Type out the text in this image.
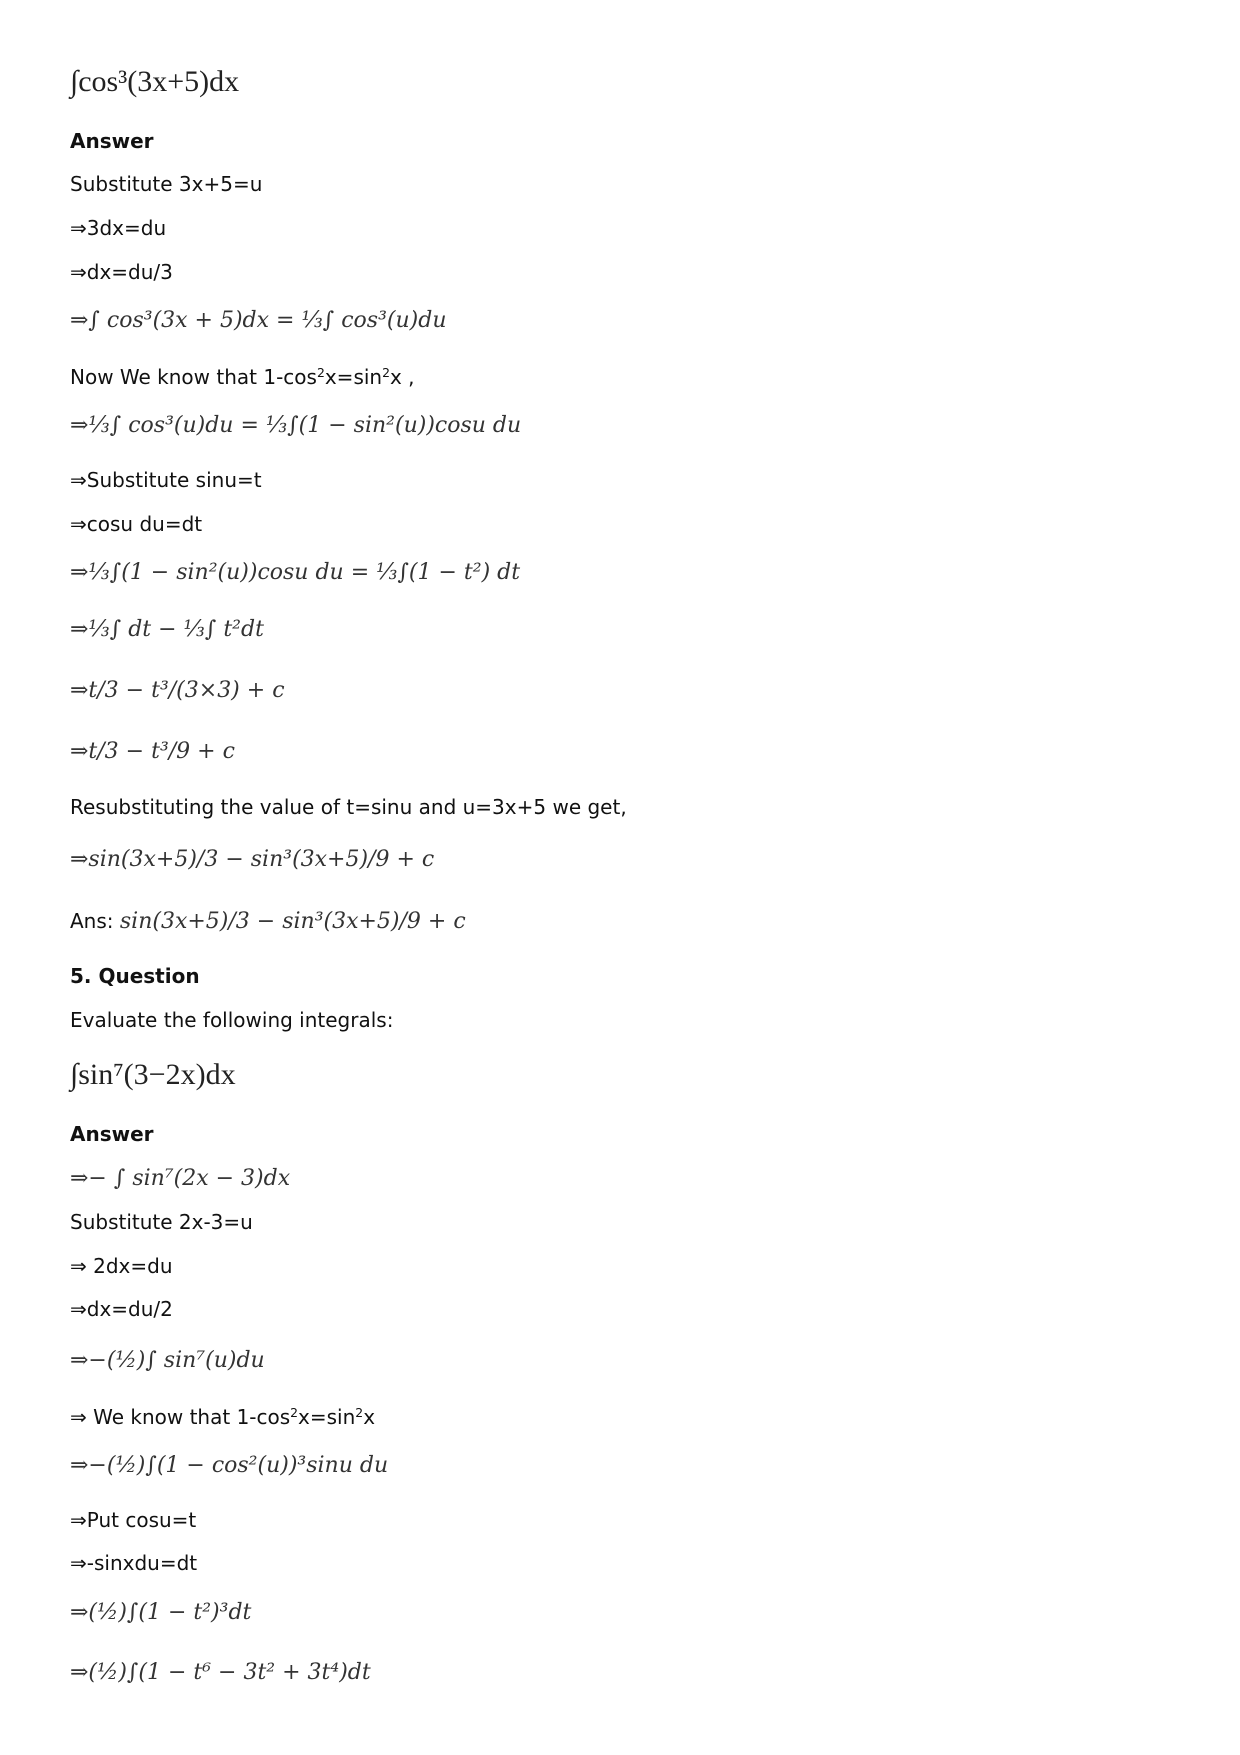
∫cos³(3x+5)dx
Answer
Substitute 3x+5=u
⇒3dx=du
⇒dx=du/3
⇒∫ cos³(3x + 5)dx = ⅓∫ cos³(u)du
Now We know that $1-\cos^2x=\sin^2x$ ,
⇒⅓∫ cos³(u)du = ⅓∫(1 − sin²(u))cosu du
⇒Substitute sinu=t
⇒cosu du=dt
⇒⅓∫(1 − sin²(u))cosu du = ⅓∫(1 − t²) dt
⇒⅓∫ dt − ⅓∫ t²dt
⇒t/3 − t³/(3×3) + c
⇒t/3 − t³/9 + c
Resubstituting the value of t=sinu and u=3x+5 we get,
⇒sin(3x+5)/3 − sin³(3x+5)/9 + c
Ans: sin(3x+5)/3 − sin³(3x+5)/9 + c
5. Question
Evaluate the following integrals:
∫sin⁷(3−2x)dx
Answer
⇒− ∫ sin⁷(2x − 3)dx
Substitute 2x-3=u
⇒ 2dx=du
⇒dx=du/2
⇒−(½)∫ sin⁷(u)du
⇒ We know that $1-\cos^2x=\sin^2x$
⇒−(½)∫(1 − cos²(u))³sinu du
⇒Put cosu=t
⇒-sinxdu=dt
⇒(½)∫(1 − t²)³dt
⇒(½)∫(1 − t⁶ − 3t² + 3t⁴)dt
